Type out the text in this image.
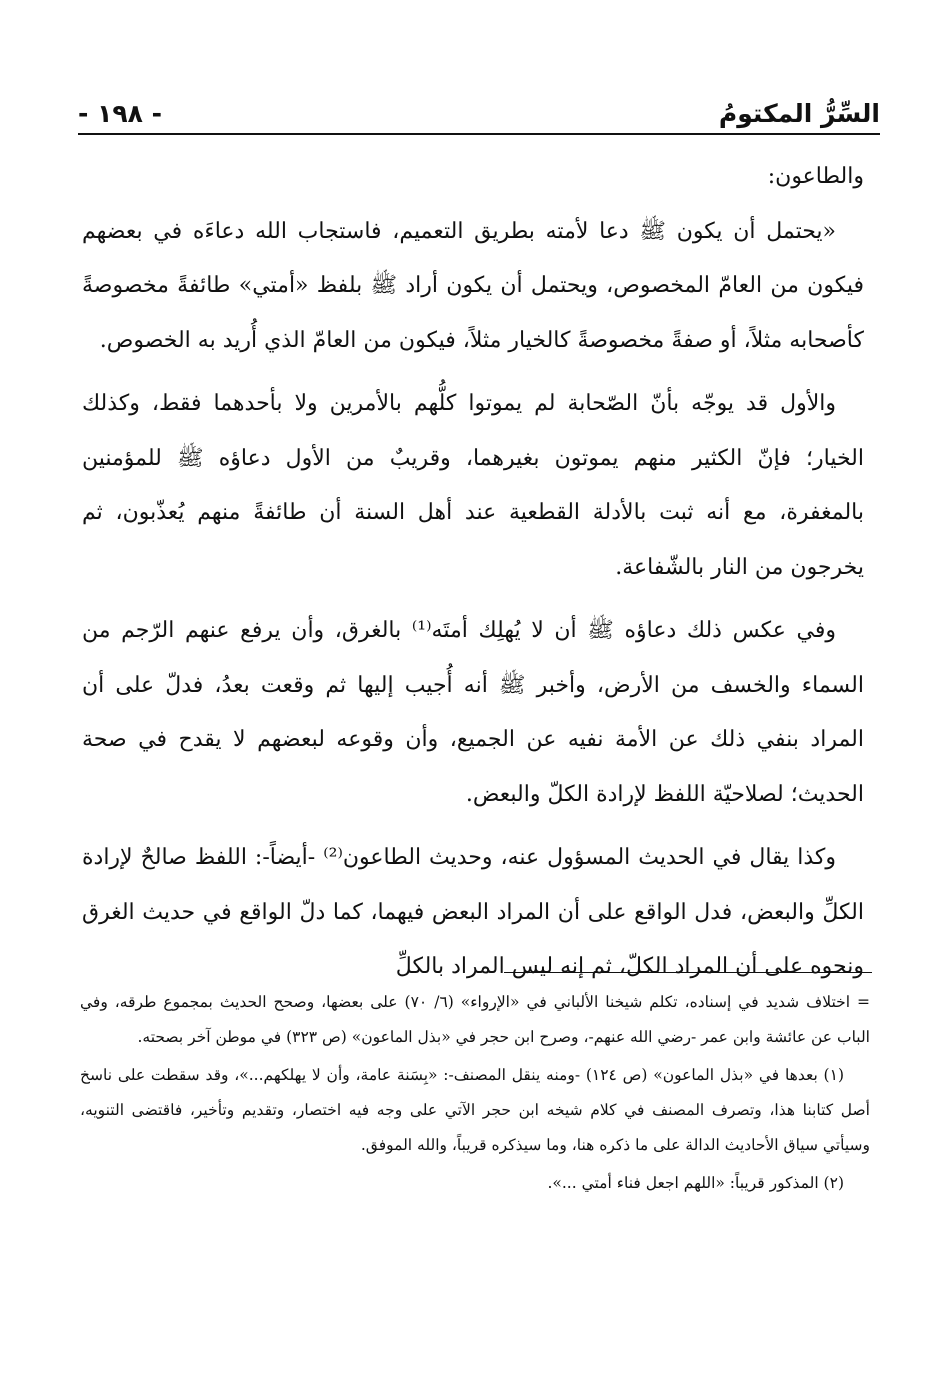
السِّرُّ المكتومُ
- ١٩٨ -

والطاعون:

«يحتمل أن يكون ﷺ دعا لأمته بطريق التعميم، فاستجاب الله دعاءَه في بعضهم فيكون من العامّ المخصوص، ويحتمل أن يكون أراد ﷺ بلفظ «أمتي» طائفةً مخصوصةً كأصحابه مثلاً، أو صفةً مخصوصةً كالخيار مثلاً، فيكون من العامّ الذي أُريد به الخصوص.

والأول قد يوجّه بأنّ الصّحابة لم يموتوا كلُّهم بالأمرين ولا بأحدهما فقط، وكذلك الخيار؛ فإنّ الكثير منهم يموتون بغيرهما، وقريبٌ من الأول دعاؤه ﷺ للمؤمنين بالمغفرة، مع أنه ثبت بالأدلة القطعية عند أهل السنة أن طائفةً منهم يُعذّبون، ثم يخرجون من النار بالشّفاعة.

وفي عكس ذلك دعاؤه ﷺ أن لا يُهلِك أمتَه⁽¹⁾ بالغرق، وأن يرفع عنهم الرّجم من السماء والخسف من الأرض، وأخبر ﷺ أنه أُجيب إليها ثم وقعت بعدُ، فدلّ على أن المراد بنفي ذلك عن الأمة نفيه عن الجميع، وأن وقوعه لبعضهم لا يقدح في صحة الحديث؛ لصلاحيّة اللفظ لإرادة الكلّ والبعض.

وكذا يقال في الحديث المسؤول عنه، وحديث الطاعون⁽²⁾ -أيضاً-: اللفظ صالحٌ لإرادة الكلِّ والبعض، فدل الواقع على أن المراد البعض فيهما، كما دلّ الواقع في حديث الغرق ونحوه على أن المراد الكلّ، ثم إنه ليس المراد بالكلِّ

= اختلاف شديد في إسناده، تكلم شيخنا الألباني في «الإرواء» (٦/ ٧٠) على بعضها، وصحح الحديث بمجموع طرقه، وفي الباب عن عائشة وابن عمر -رضي الله عنهم-، وصرح ابن حجر في «بذل الماعون» (ص ٣٢٣) في موطن آخر بصحته.

(١) بعدها في «بذل الماعون» (ص ١٢٤) -ومنه ينقل المصنف-: «بِسَنة عامة، وأن لا يهلكهم...»، وقد سقطت على ناسخ أصل كتابنا هذا، وتصرف المصنف في كلام شيخه ابن حجر الآتي على وجه فيه اختصار، وتقديم وتأخير، فاقتضى التنويه، وسيأتي سياق الأحاديث الدالة على ما ذكره هنا، وما سيذكره قريباً، والله الموفق.

(٢) المذكور قريباً: «اللهم اجعل فناء أمتي ...».
